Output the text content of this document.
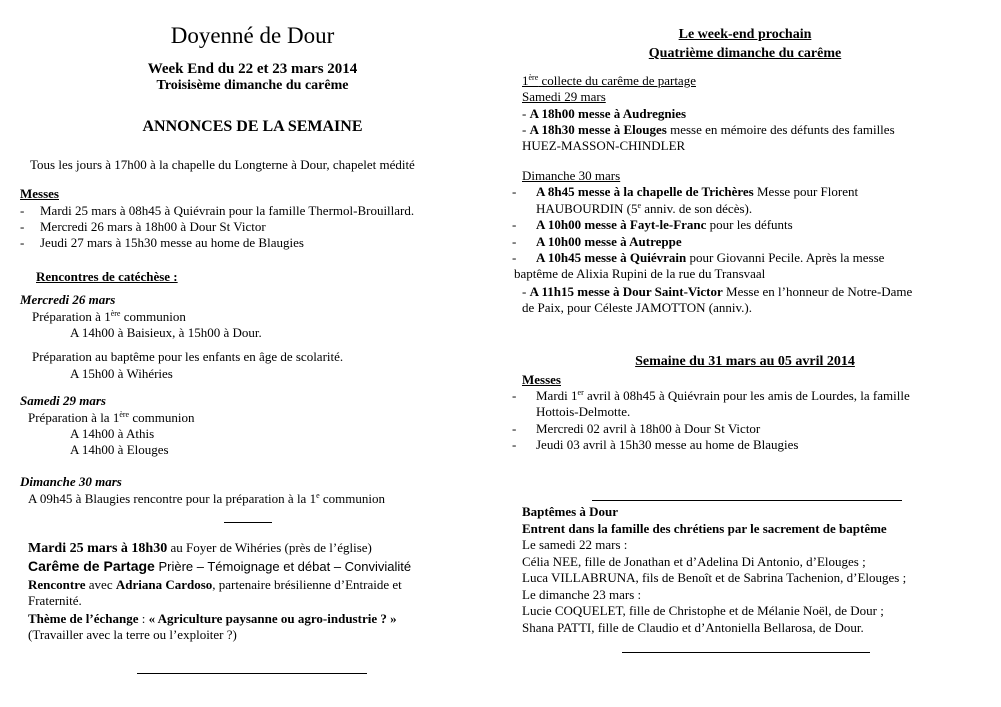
Doyenné de Dour
Week End du 22 et 23 mars 2014
Troisisème dimanche du carême
ANNONCES DE LA SEMAINE
Tous les jours à 17h00 à la chapelle du Longterne à Dour, chapelet médité
Messes
- Mardi 25 mars à 08h45 à Quiévrain pour la famille Thermol-Brouillard.
- Mercredi 26 mars à 18h00 à Dour St Victor
- Jeudi 27 mars à 15h30 messe au home de Blaugies
Rencontres de catéchèse :
Mercredi 26 mars
Préparation à 1ère communion
A 14h00 à Baisieux, à 15h00 à Dour.
Préparation au baptême pour les enfants en âge de scolarité.
A 15h00 à Wihéries
Samedi 29 mars
Préparation à la 1ère communion
A 14h00 à Athis
A 14h00 à Elouges
Dimanche 30 mars
A 09h45 à Blaugies rencontre pour la préparation à la 1e communion
Mardi 25 mars à 18h30 au Foyer de Wihéries (près de l’église)
Carême de Partage Prière – Témoignage et débat – Convivialité
Rencontre avec Adriana Cardoso, partenaire brésilienne d’Entraide et
Fraternité.
Thème de l’échange : « Agriculture paysanne ou agro-industrie ? »
(Travailler avec la terre ou l’exploiter ?)
Le week-end prochain
Quatrième dimanche du carême
1ère collecte du carême de partage
Samedi 29 mars
- A 18h00 messe à Audregnies
- A 18h30 messe à Elouges messe en mémoire des défunts des familles
HUEZ-MASSON-CHINDLER
Dimanche 30 mars
- A 8h45 messe à la chapelle de Trichères Messe pour Florent
HAUBOURDIN (5e anniv. de son décès).
- A 10h00 messe à Fayt-le-Franc pour les défunts
- A 10h00 messe à Autreppe
- A 10h45 messe à Quiévrain pour Giovanni Pecile. Après la messe
baptême de Alixia Rupini de la rue du Transvaal
- A 11h15 messe à Dour Saint-Victor Messe en l’honneur de Notre-Dame
de Paix, pour Céleste JAMOTTON (anniv.).
Semaine du 31 mars au 05 avril 2014
Messes
- Mardi 1er avril à 08h45 à Quiévrain pour les amis de Lourdes, la famille
Hottois-Delmotte.
- Mercredi 02 avril à 18h00 à Dour St Victor
- Jeudi 03 avril à 15h30 messe au home de Blaugies
Baptêmes à Dour
Entrent dans la famille des chrétiens par le sacrement de baptême
Le samedi 22 mars :
Célia NEE, fille de Jonathan et d’Adelina Di Antonio, d’Elouges ;
Luca VILLABRUNA, fils de Benoît et de Sabrina Tachenion, d’Elouges ;
Le dimanche 23 mars :
Lucie COQUELET, fille de Christophe et de Mélanie Noël, de Dour ;
Shana PATTI, fille de Claudio et d’Antoniella Bellarosa, de Dour.
